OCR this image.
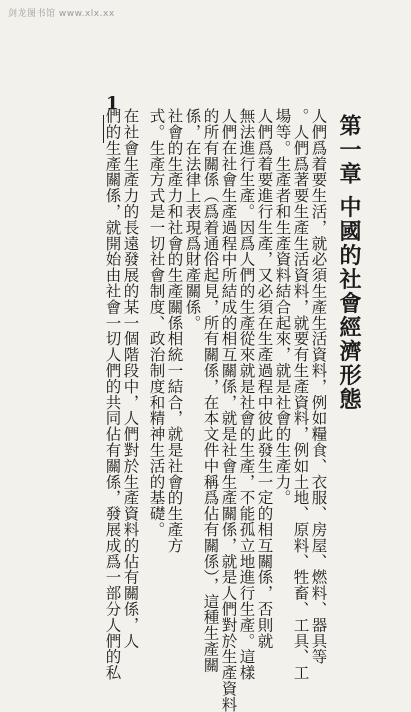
剑龙图书馆 www.xlx.xx
第一章 中國的社會經濟形態
人們爲着要生活，就必須生產生活資料，例如糧食、衣服、房屋、燃料、器具等
。人們爲著要生產生活資料，就要有生產資料，例如土地、原料、牲畜、工具、工
場等。生產者和生產資料結合起來，就是社會的生產力。
人們爲着要進行生產，又必須在生產過程中彼此發生一定的相互關係，否則就
無法進行生產。因爲人們的生產從來就是社會的生產，不能孤立地進行生產。這樣
人們在社會生產過程中所結成的相互關係，就是社會生產關係，就是人們對於生產資料
的所有關係（爲着通俗起見，所有關係，在本文件中稱爲佔有關係），這種生產關
係，在法律上表現爲財產關係。
社會的生產力和社會的生產關係相統一結合，就是社會的生產方
式。生產方式是一切社會制度、政治制度和精神生活的基礎。
在社會生產力的長遠發展的某一個階段中，人們對於生產資料的佔有關係，人
們的生產關係，就開始由社會一切人們的共同佔有關係，發展成爲一部分人們的私
1
